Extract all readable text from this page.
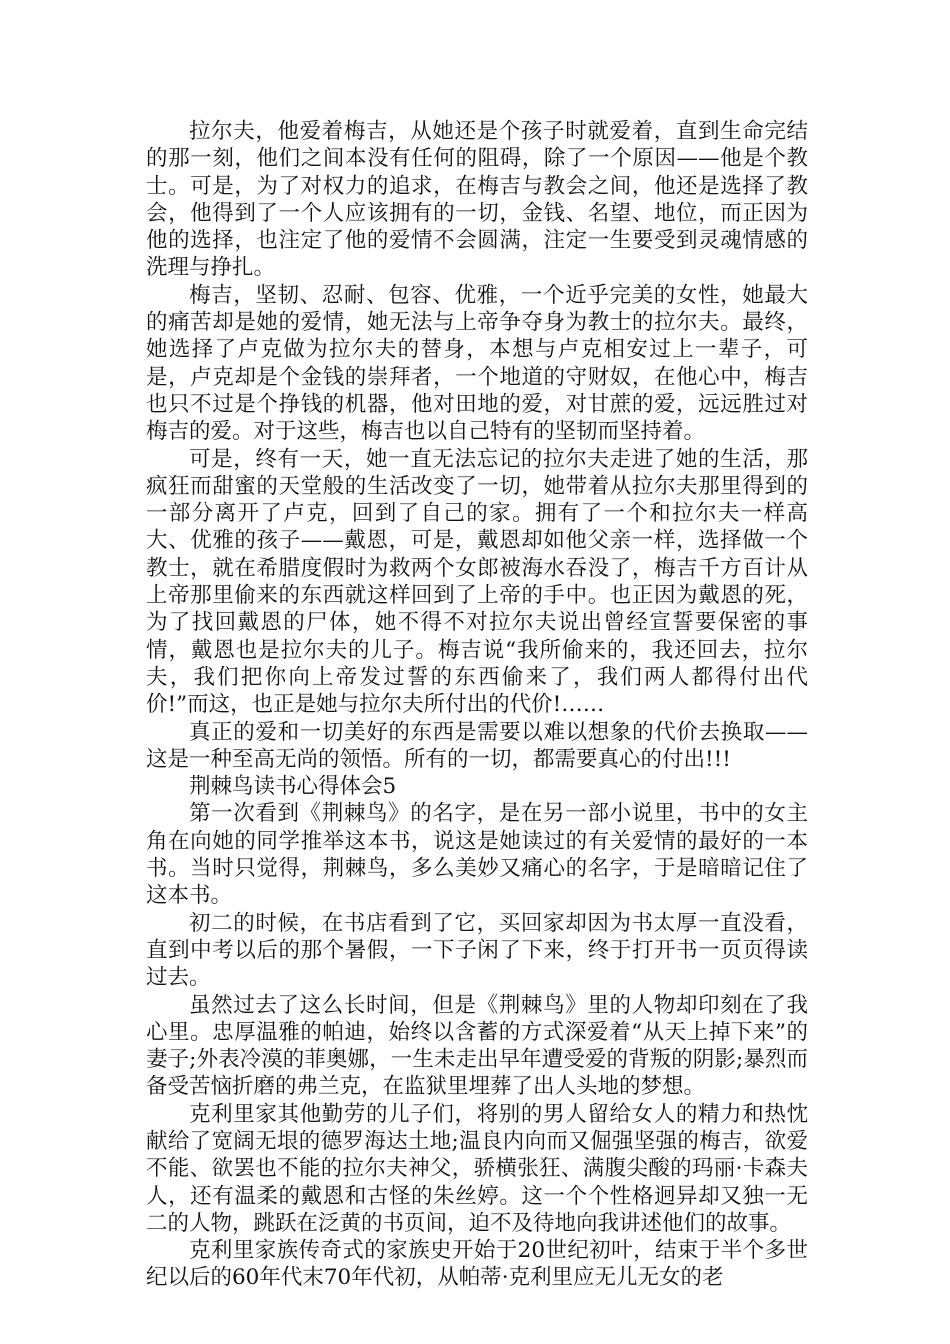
拉尔夫，他爱着梅吉，从她还是个孩子时就爱着，直到生命完结的那一刻，他们之间本没有任何的阻碍，除了一个原因——他是个教士。可是，为了对权力的追求，在梅吉与教会之间，他还是选择了教会，他得到了一个人应该拥有的一切，金钱、名望、地位，而正因为他的选择，也注定了他的爱情不会圆满，注定一生要受到灵魂情感的洗理与挣扎。

梅吉，坚韧、忍耐、包容、优雅，一个近乎完美的女性，她最大的痛苦却是她的爱情，她无法与上帝争夺身为教士的拉尔夫。最终，她选择了卢克做为拉尔夫的替身，本想与卢克相安过上一辈子，可是，卢克却是个金钱的崇拜者，一个地道的守财奴，在他心中，梅吉也只不过是个挣钱的机器，他对田地的爱，对甘蔗的爱，远远胜过对梅吉的爱。对于这些，梅吉也以自己特有的坚韧而坚持着。

可是，终有一天，她一直无法忘记的拉尔夫走进了她的生活，那疯狂而甜蜜的天堂般的生活改变了一切，她带着从拉尔夫那里得到的一部分离开了卢克，回到了自己的家。拥有了一个和拉尔夫一样高大、优雅的孩子——戴恩，可是，戴恩却如他父亲一样，选择做一个教士，就在希腊度假时为救两个女郎被海水吞没了，梅吉千方百计从上帝那里偷来的东西就这样回到了上帝的手中。也正因为戴恩的死，为了找回戴恩的尸体，她不得不对拉尔夫说出曾经宣誓要保密的事情，戴恩也是拉尔夫的儿子。梅吉说“我所偷来的，我还回去，拉尔夫，我们把你向上帝发过誓的东西偷来了，我们两人都得付出代价!”而这，也正是她与拉尔夫所付出的代价!……

真正的爱和一切美好的东西是需要以难以想象的代价去换取——这是一种至高无尚的领悟。所有的一切，都需要真心的付出!!!

荆棘鸟读书心得体会5

第一次看到《荆棘鸟》的名字，是在另一部小说里，书中的女主角在向她的同学推举这本书，说这是她读过的有关爱情的最好的一本书。当时只觉得，荆棘鸟，多么美妙又痛心的名字，于是暗暗记住了这本书。

初二的时候，在书店看到了它，买回家却因为书太厚一直没看，直到中考以后的那个暑假，一下子闲了下来，终于打开书一页页得读过去。

虽然过去了这么长时间，但是《荆棘鸟》里的人物却印刻在了我心里。忠厚温雅的帕迪，始终以含蓄的方式深爱着“从天上掉下来”的妻子;外表冷漠的菲奥娜，一生未走出早年遭受爱的背叛的阴影;暴烈而备受苦恼折磨的弗兰克，在监狱里埋葬了出人头地的梦想。

克利里家其他勤劳的儿子们，将别的男人留给女人的精力和热忱献给了宽阔无垠的德罗海达土地;温良内向而又倔强坚强的梅吉，欲爱不能、欲罢也不能的拉尔夫神父，骄横张狂、满腹尖酸的玛丽·卡森夫人，还有温柔的戴恩和古怪的朱丝婷。这一个个性格迥异却又独一无二的人物，跳跃在泛黄的书页间，迫不及待地向我讲述他们的故事。

克利里家族传奇式的家族史开始于20世纪初叶，结束于半个多世纪以后的60年代末70年代初，从帕蒂·克利里应无儿无女的老
